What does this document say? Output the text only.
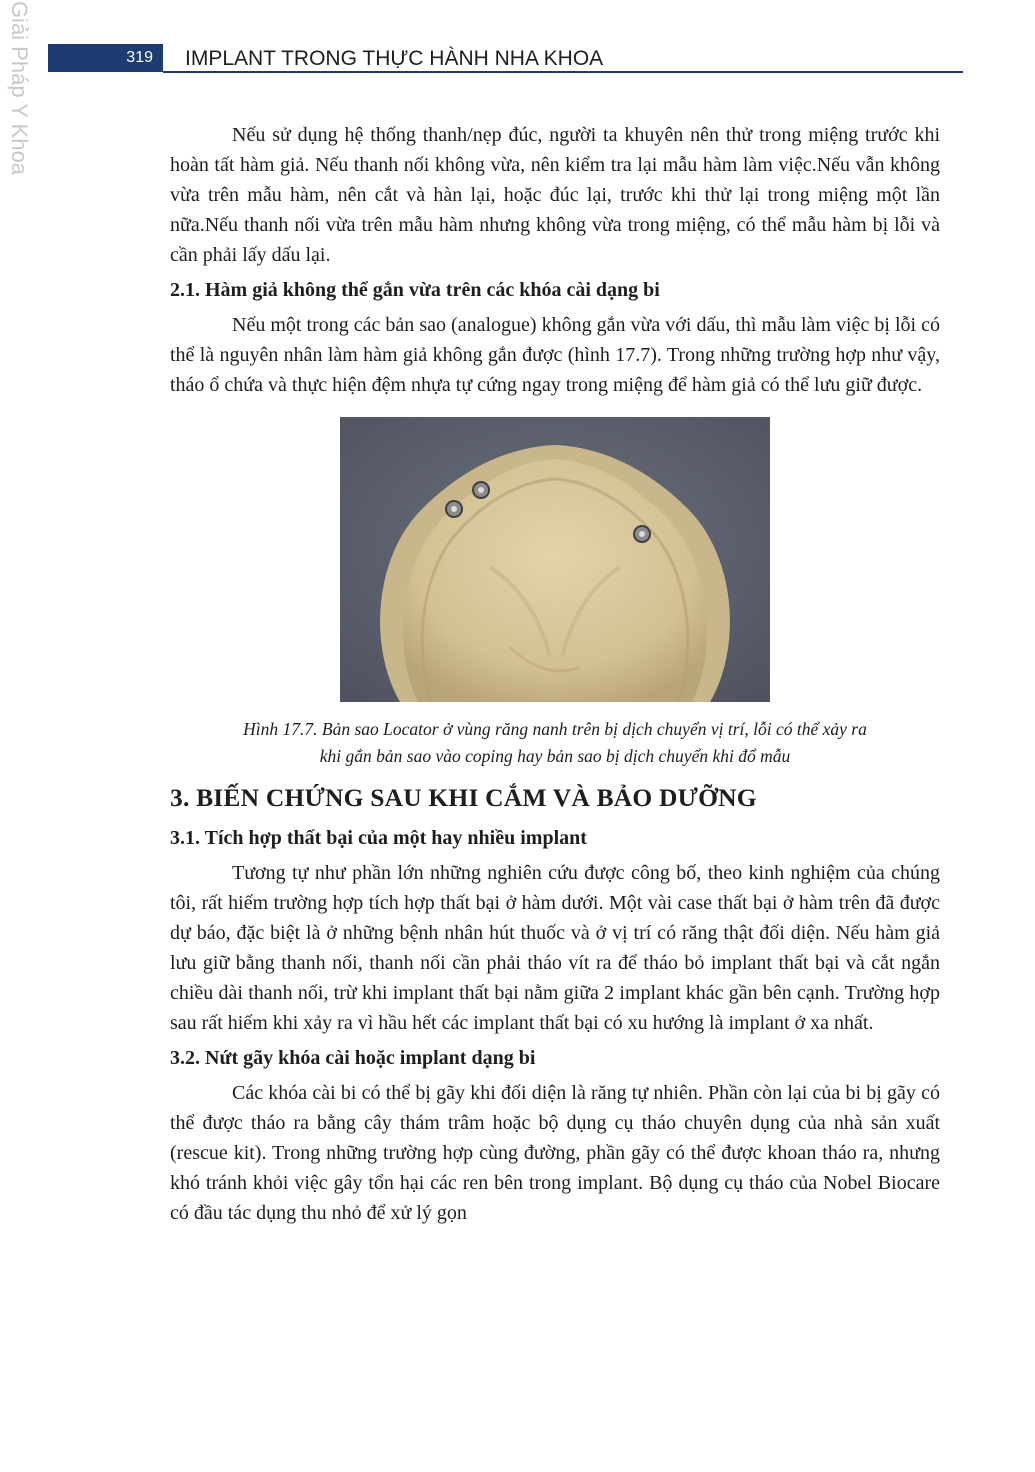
Giải Pháp Y Khoa	319 IMPLANT TRONG THỰC HÀNH NHA KHOA

Nếu sử dụng hệ thống thanh/nẹp đúc, người ta khuyên nên thử trong miệng trước khi hoàn tất hàm giả. Nếu thanh nối không vừa, nên kiểm tra lại mẫu hàm làm việc.Nếu vẫn không vừa trên mẫu hàm, nên cắt và hàn lại, hoặc đúc lại, trước khi thử lại trong miệng một lần nữa.Nếu thanh nối vừa trên mẫu hàm nhưng không vừa trong miệng, có thể mẫu hàm bị lỗi và cần phải lấy dấu lại.

2.1. Hàm giả không thể gắn vừa trên các khóa cài dạng bi

Nếu một trong các bản sao (analogue) không gắn vừa với dấu, thì mẫu làm việc bị lỗi có thể là nguyên nhân làm hàm giả không gắn được (hình 17.7). Trong những trường hợp như vậy, tháo ổ chứa và thực hiện đệm nhựa tự cứng ngay trong miệng để hàm giả có thể lưu giữ được.

Hình 17.7. Bản sao Locator ở vùng răng nanh trên bị dịch chuyển vị trí, lỗi có thể xảy ra
khi gắn bản sao vào coping hay bản sao bị dịch chuyển khi đổ mẫu
3. BIẾN CHỨNG SAU KHI CẮM VÀ BẢO DƯỠNG
3.1. Tích hợp thất bại của một hay nhiều implant

Tương tự như phần lớn những nghiên cứu được công bố, theo kinh nghiệm của chúng tôi, rất hiếm trường hợp tích hợp thất bại ở hàm dưới. Một vài case thất bại ở hàm trên đã được dự báo, đặc biệt là ở những bệnh nhân hút thuốc và ở vị trí có răng thật đối diện. Nếu hàm giả lưu giữ bằng thanh nối, thanh nối cần phải tháo vít ra để tháo bỏ implant thất bại và cắt ngắn chiều dài thanh nối, trừ khi implant thất bại nằm giữa 2 implant khác gần bên cạnh. Trường hợp sau rất hiếm khi xảy ra vì hầu hết các implant thất bại có xu hướng là implant ở xa nhất.

3.2. Nứt gãy khóa cài hoặc implant dạng bi

Các khóa cài bi có thể bị gãy khi đối diện là răng tự nhiên. Phần còn lại của bi bị gãy có thể được tháo ra bằng cây thám trâm hoặc bộ dụng cụ tháo chuyên dụng của nhà sản xuất (rescue kit). Trong những trường hợp cùng đường, phần gãy có thể được khoan tháo ra, nhưng khó tránh khỏi việc gây tổn hại các ren bên trong implant. Bộ dụng cụ tháo của Nobel Biocare có đầu tác dụng thu nhỏ để xử lý gọn
